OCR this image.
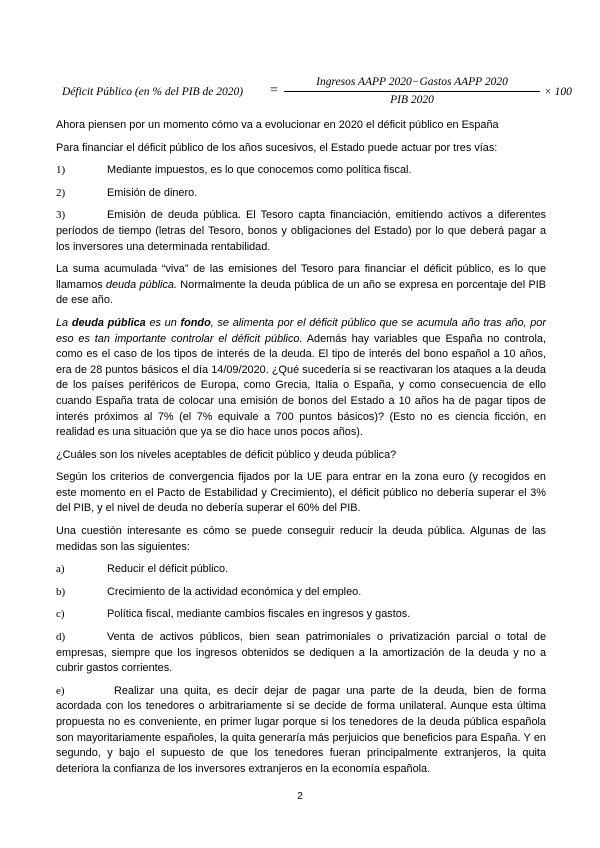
Déficit Público (en % del PIB de 2020) =
Ingresos AAPP 2020−Gastos AAPP 2020
PIB 2020
× 100

Ahora piensen por un momento cómo va a evolucionar en 2020 el déficit público en España

Para financiar el déficit público de los años sucesivos, el Estado puede actuar por tres vías:

1)	Mediante impuestos, es lo que conocemos como política fiscal.

2)	Emisión de dinero.

3)	Emisión de deuda pública. El Tesoro capta financiación, emitiendo activos a diferentes períodos de tiempo (letras del Tesoro, bonos y obligaciones del Estado) por lo que deberá pagar a los inversores una determinada rentabilidad.

La suma acumulada “viva” de las emisiones del Tesoro para financiar el déficit público, es lo que llamamos deuda pública. Normalmente la deuda pública de un año se expresa en porcentaje del PIB de ese año.

La deuda pública es un fondo, se alimenta por el déficit público que se acumula año tras año, por eso es tan importante controlar el déficit público. Además hay variables que España no controla, como es el caso de los tipos de interés de la deuda. El tipo de interés del bono español a 10 años, era de 28 puntos básicos el día 14/09/2020. ¿Qué sucedería si se reactivaran los ataques a la deuda de los países periféricos de Europa, como Grecia, Italia o España, y como consecuencia de ello cuando España trata de colocar una emisión de bonos del Estado a 10 años ha de pagar tipos de interés próximos al 7% (el 7% equivale a 700 puntos básicos)? (Esto no es ciencia ficción, en realidad es una situación que ya se dio hace unos pocos años).

¿Cuáles son los niveles aceptables de déficit público y deuda pública?

Según los criterios de convergencia fijados por la UE para entrar en la zona euro (y recogidos en este momento en el Pacto de Estabilidad y Crecimiento), el déficit público no debería superar el 3% del PIB, y el nivel de deuda no debería superar el 60% del PIB.

Una cuestión interesante es cómo se puede conseguir reducir la deuda pública. Algunas de las medidas son las siguientes:

a)	Reducir el déficit público.

b)	Crecimiento de la actividad económica y del empleo.

c)	Política fiscal, mediante cambios fiscales en ingresos y gastos.

d)	Venta de activos públicos, bien sean patrimoniales o privatización parcial o total de empresas, siempre que los ingresos obtenidos se dediquen a la amortización de la deuda y no a cubrir gastos corrientes.

e)	Realizar una quita, es decir dejar de pagar una parte de la deuda, bien de forma acordada con los tenedores o arbitrariamente si se decide de forma unilateral. Aunque esta última propuesta no es conveniente, en primer lugar porque si los tenedores de la deuda pública española son mayoritariamente españoles, la quita generaría más perjuicios que beneficios para España. Y en segundo, y bajo el supuesto de que los tenedores fueran principalmente extranjeros, la quita deteriora la confianza de los inversores extranjeros en la economía española.

2
